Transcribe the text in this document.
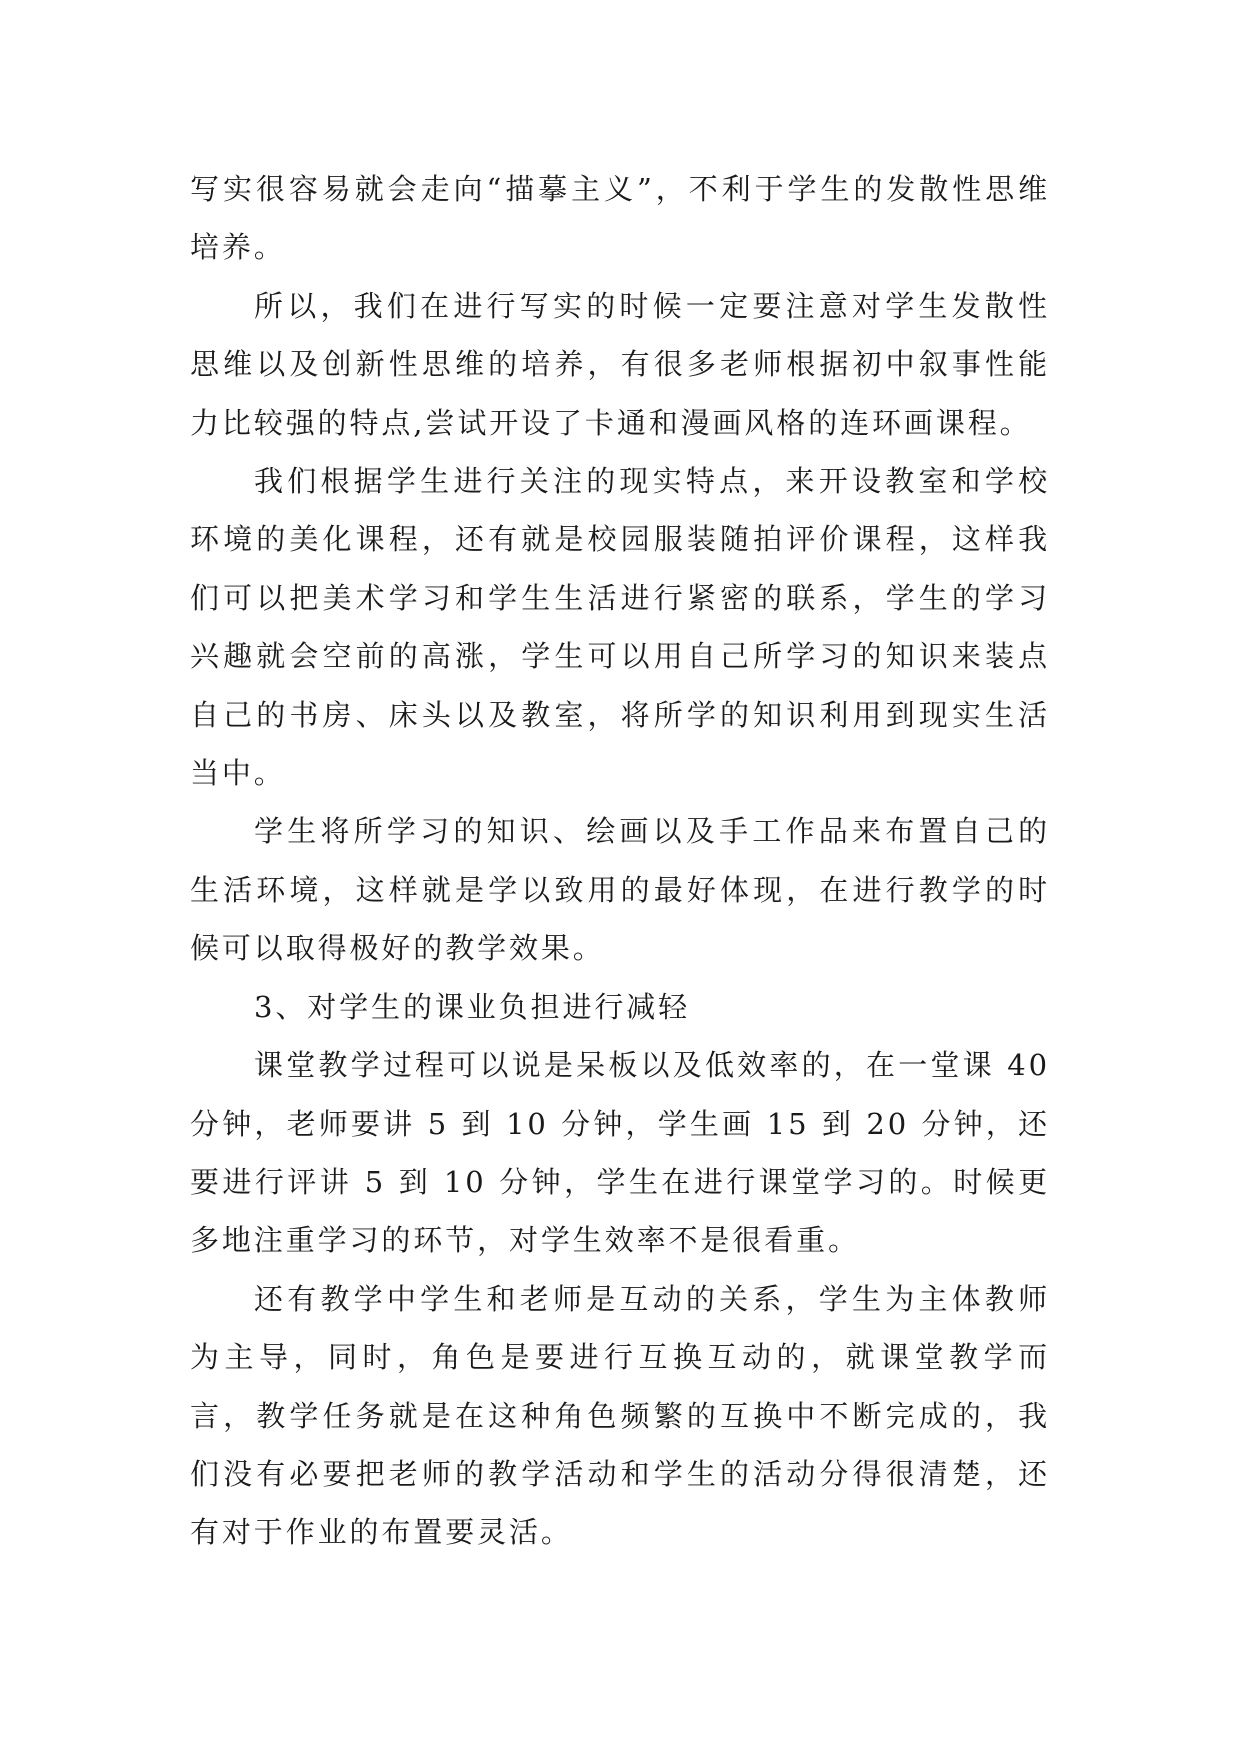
写实很容易就会走向“描摹主义”，不利于学生的发散性思维培养。

所以，我们在进行写实的时候一定要注意对学生发散性思维以及创新性思维的培养，有很多老师根据初中叙事性能力比较强的特点,尝试开设了卡通和漫画风格的连环画课程。

我们根据学生进行关注的现实特点，来开设教室和学校环境的美化课程，还有就是校园服装随拍评价课程，这样我们可以把美术学习和学生生活进行紧密的联系，学生的学习兴趣就会空前的高涨，学生可以用自己所学习的知识来装点自己的书房、床头以及教室，将所学的知识利用到现实生活当中。

学生将所学习的知识、绘画以及手工作品来布置自己的生活环境，这样就是学以致用的最好体现，在进行教学的时候可以取得极好的教学效果。

3、对学生的课业负担进行减轻

课堂教学过程可以说是呆板以及低效率的，在一堂课 40 分钟，老师要讲 5 到 10 分钟，学生画 15 到 20 分钟，还要进行评讲 5 到 10 分钟，学生在进行课堂学习的。时候更多地注重学习的环节，对学生效率不是很看重。

还有教学中学生和老师是互动的关系，学生为主体教师为主导，同时，角色是要进行互换互动的，就课堂教学而言，教学任务就是在这种角色频繁的互换中不断完成的，我们没有必要把老师的教学活动和学生的活动分得很清楚，还有对于作业的布置要灵活。
